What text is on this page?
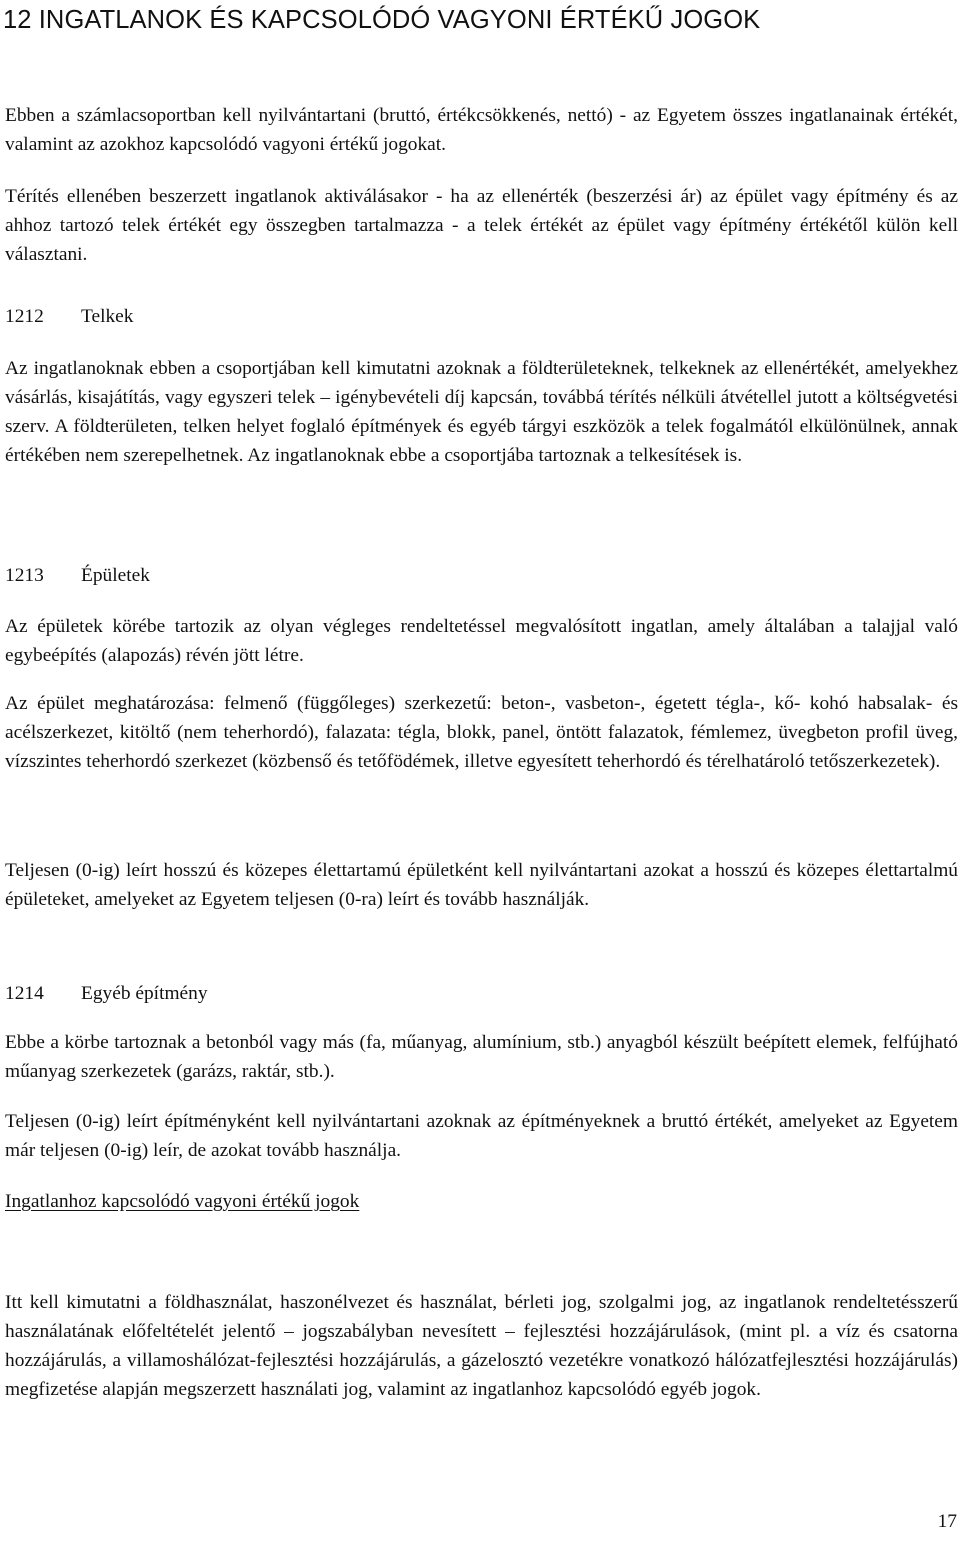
12 INGATLANOK ÉS KAPCSOLÓDÓ VAGYONI ÉRTÉKŰ JOGOK

Ebben a számlacsoportban kell nyilvántartani (bruttó, értékcsökkenés, nettó) - az Egyetem összes ingatlanainak értékét, valamint az azokhoz kapcsolódó vagyoni értékű jogokat.

Térítés ellenében beszerzett ingatlanok aktiválásakor - ha az ellenérték (beszerzési ár) az épület vagy építmény és az ahhoz tartozó telek értékét egy összegben tartalmazza - a telek értékét az épület vagy építmény értékétől külön kell választani.

1212 Telkek

Az ingatlanoknak ebben a csoportjában kell kimutatni azoknak a földterületeknek, telkeknek az ellenértékét, amelyekhez vásárlás, kisajátítás, vagy egyszeri telek – igénybevételi díj kapcsán, továbbá térítés nélküli átvétellel jutott a költségvetési szerv. A földterületen, telken helyet foglaló építmények és egyéb tárgyi eszközök a telek fogalmától elkülönülnek, annak értékében nem szerepelhetnek. Az ingatlanoknak ebbe a csoportjába tartoznak a telkesítések is.

1213 Épületek

Az épületek körébe tartozik az olyan végleges rendeltetéssel megvalósított ingatlan, amely általában a talajjal való egybeépítés (alapozás) révén jött létre.

Az épület meghatározása: felmenő (függőleges) szerkezetű: beton-, vasbeton-, égetett tégla-, kő- kohó habsalak- és acélszerkezet, kitöltő (nem teherhordó), falazata: tégla, blokk, panel, öntött falazatok, fémlemez, üvegbeton profil üveg, vízszintes teherhordó szerkezet (közbenső és tetőfödémek, illetve egyesített teherhordó és térelhatároló tetőszerkezetek).

Teljesen (0-ig) leírt hosszú és közepes élettartamú épületként kell nyilvántartani azokat a hosszú és közepes élettartalmú épületeket, amelyeket az Egyetem teljesen (0-ra) leírt és tovább használják.

1214 Egyéb építmény

Ebbe a körbe tartoznak a betonból vagy más (fa, műanyag, alumínium, stb.) anyagból készült beépített elemek, felfújható műanyag szerkezetek (garázs, raktár, stb.).

Teljesen (0-ig) leírt építményként kell nyilvántartani azoknak az építményeknek a bruttó értékét, amelyeket az Egyetem már teljesen (0-ig) leír, de azokat tovább használja.

Ingatlanhoz kapcsolódó vagyoni értékű jogok

Itt kell kimutatni a földhasználat, haszonélvezet és használat, bérleti jog, szolgalmi jog, az ingatlanok rendeltetésszerű használatának előfeltételét jelentő – jogszabályban nevesített – fejlesztési hozzájárulások, (mint pl. a víz és csatorna hozzájárulás, a villamoshálózat-fejlesztési hozzájárulás, a gázelosztó vezetékre vonatkozó hálózatfejlesztési hozzájárulás) megfizetése alapján megszerzett használati jog, valamint az ingatlanhoz kapcsolódó egyéb jogok.

17
